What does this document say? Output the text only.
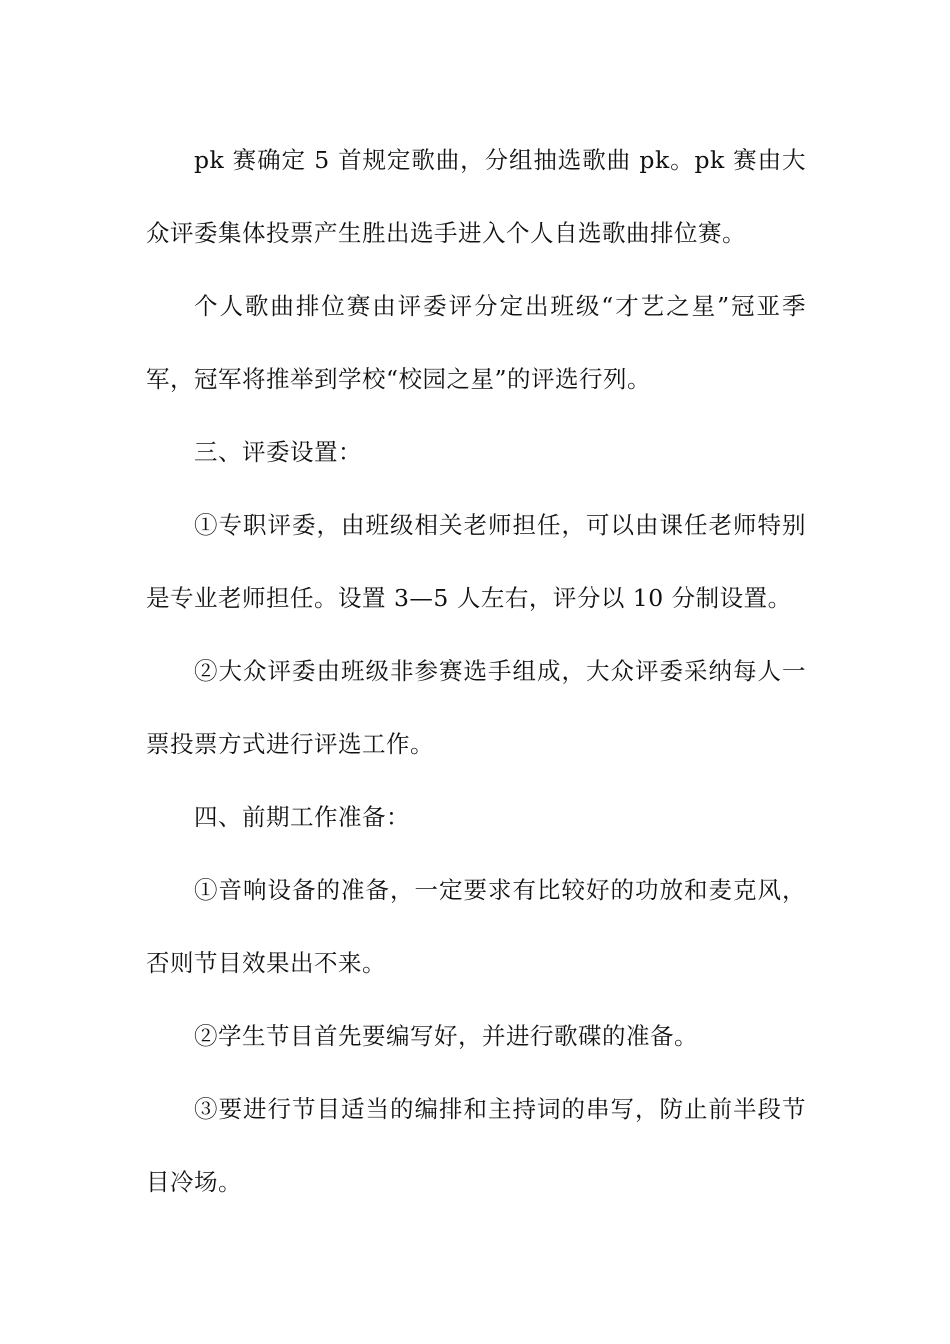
pk 赛确定 5 首规定歌曲，分组抽选歌曲 pk。pk 赛由大众评委集体投票产生胜出选手进入个人自选歌曲排位赛。

个人歌曲排位赛由评委评分定出班级“才艺之星”冠亚季军，冠军将推举到学校“校园之星”的评选行列。

三、评委设置：

①专职评委，由班级相关老师担任，可以由课任老师特别是专业老师担任。设置 3—5 人左右，评分以 10 分制设置。

②大众评委由班级非参赛选手组成，大众评委采纳每人一票投票方式进行评选工作。

四、前期工作准备：

①音响设备的准备，一定要求有比较好的功放和麦克风，否则节目效果出不来。

②学生节目首先要编写好，并进行歌碟的准备。

③要进行节目适当的编排和主持词的串写，防止前半段节目冷场。
